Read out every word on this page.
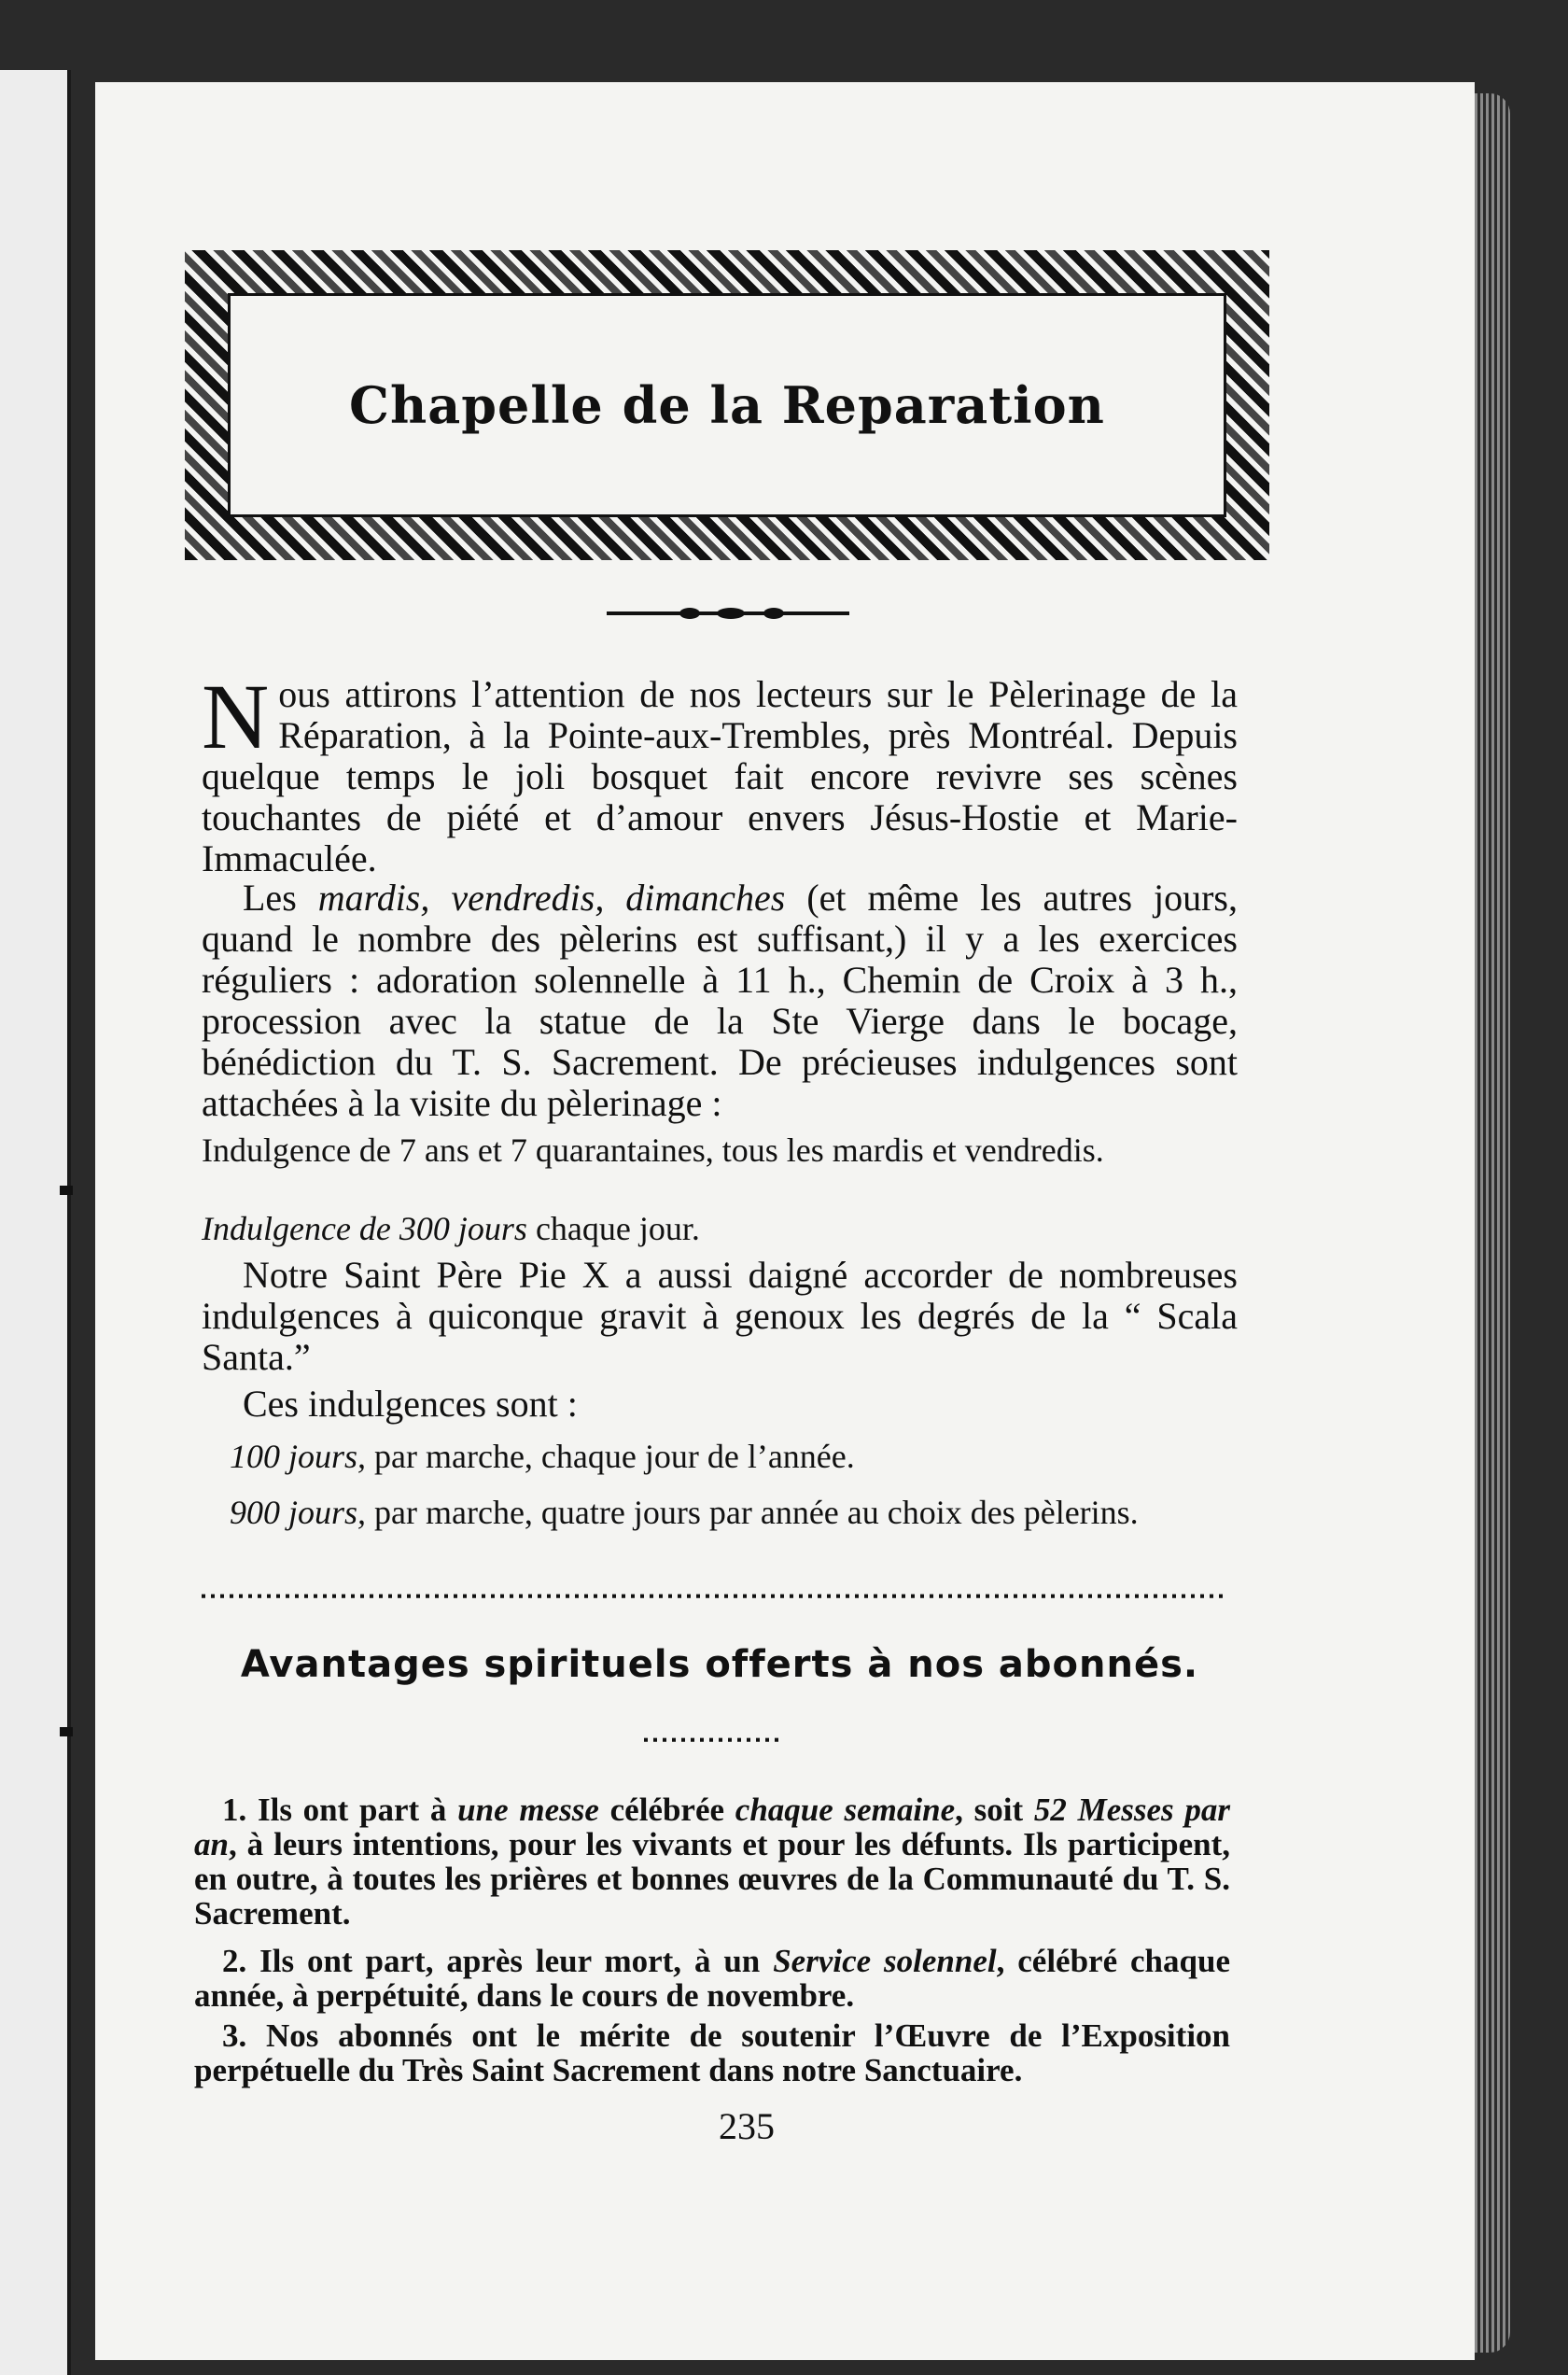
Chapelle de la Reparation
Nous attirons l’attention de nos lecteurs sur le Pèlerinage de la Réparation, à la Pointe-aux-Trembles, près Montréal. Depuis quelque temps le joli bosquet fait encore revivre ses scènes touchantes de piété et d’amour envers Jésus-Hostie et Marie-Immaculée.
Les mardis, vendredis, dimanches (et même les autres jours, quand le nombre des pèlerins est suffisant,) il y a les exercices réguliers : adoration solennelle à 11 h., Chemin de Croix à 3 h., procession avec la statue de la Ste Vierge dans le bocage, bénédiction du T. S. Sacrement. De précieuses indulgences sont attachées à la visite du pèlerinage :
Indulgence de 7 ans et 7 quarantaines, tous les mardis et vendredis.
Indulgence de 300 jours chaque jour.
Notre Saint Père Pie X a aussi daigné accorder de nombreuses indulgences à quiconque gravit à genoux les degrés de la “ Scala Santa.”
Ces indulgences sont :
100 jours, par marche, chaque jour de l’année.
900 jours, par marche, quatre jours par année au choix des pèlerins.
Avantages spirituels offerts à nos abonnés.
1. Ils ont part à une messe célébrée chaque semaine, soit 52 Messes par an, à leurs intentions, pour les vivants et pour les défunts. Ils participent, en outre, à toutes les prières et bonnes œuvres de la Communauté du T. S. Sacrement.
2. Ils ont part, après leur mort, à un Service solennel, célébré chaque année, à perpétuité, dans le cours de novembre.
3. Nos abonnés ont le mérite de soutenir l’Œuvre de l’Exposition perpétuelle du Très Saint Sacrement dans notre Sanctuaire.
235
